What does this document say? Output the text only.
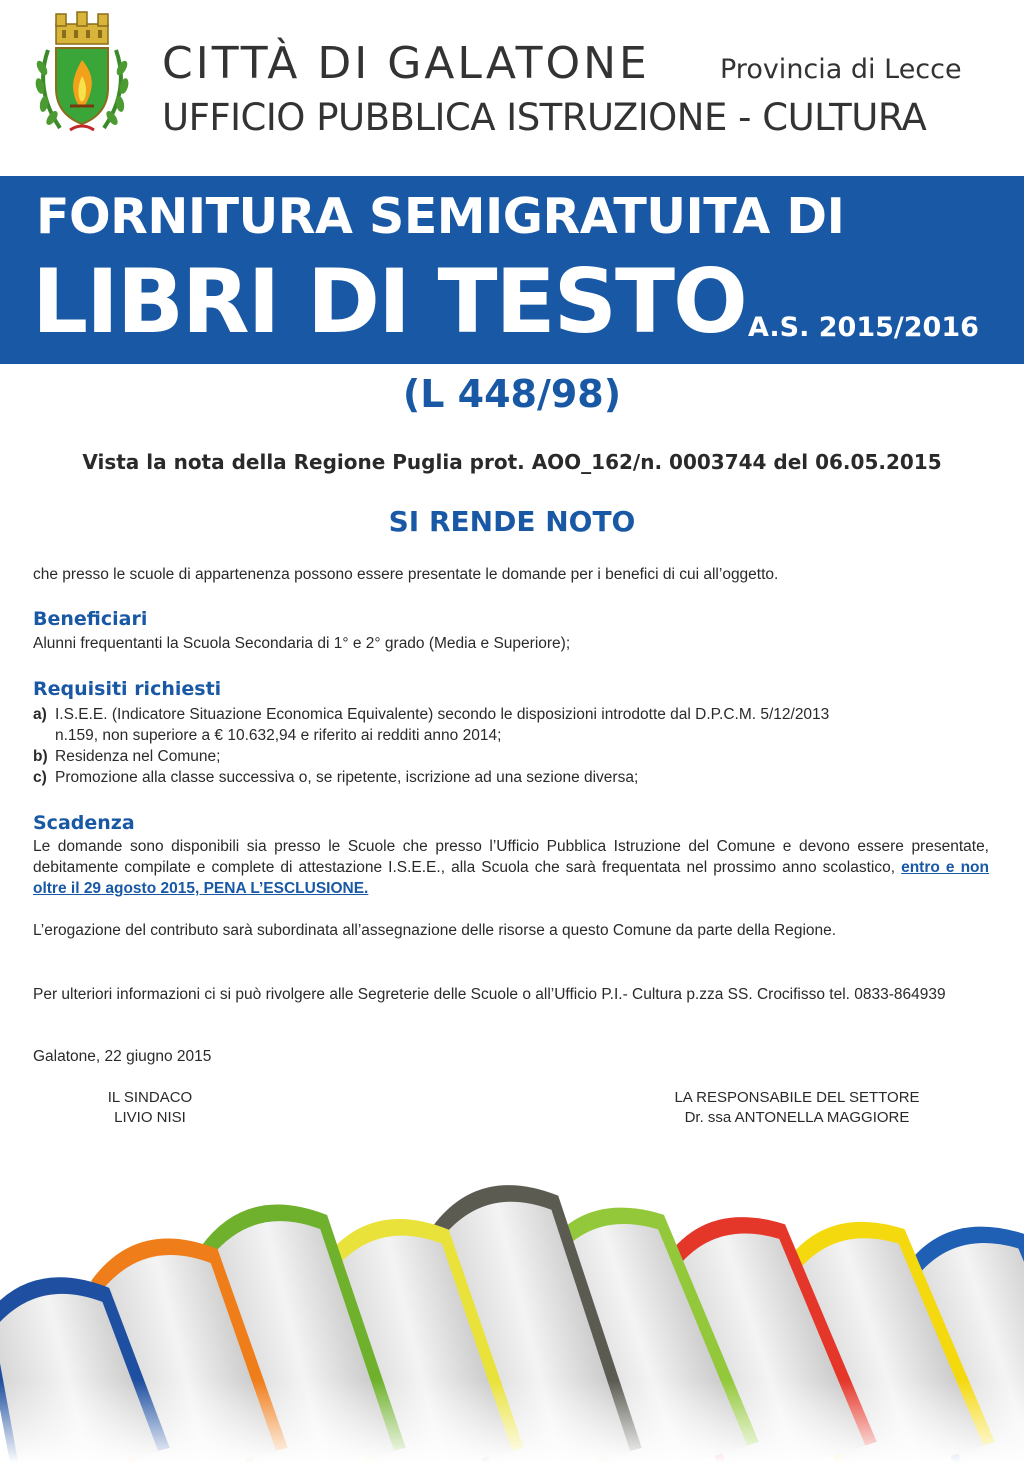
CITTÀ DI GALATONE	Provincia di Lecce
UFFICIO PUBBLICA ISTRUZIONE - CULTURA
FORNITURA SEMIGRATUITA DI
LIBRI DI TESTO A.S. 2015/2016
(L 448/98)
Vista la nota della Regione Puglia prot. AOO_162/n. 0003744 del 06.05.2015
SI RENDE NOTO
che presso le scuole di appartenenza possono essere presentate le domande per i benefici di cui all’oggetto.
Beneficiari
Alunni frequentanti la Scuola Secondaria di 1° e 2° grado (Media e Superiore);
Requisiti richiesti
a) I.S.E.E. (Indicatore Situazione Economica Equivalente) secondo le disposizioni introdotte dal D.P.C.M. 5/12/2013
n.159, non superiore a € 10.632,94 e riferito ai redditi anno 2014;
b) Residenza nel Comune;
c) Promozione alla classe successiva o, se ripetente, iscrizione ad una sezione diversa;
Scadenza
Le domande sono disponibili sia presso le Scuole che presso l’Ufficio Pubblica Istruzione del Comune e devono essere presentate, debitamente compilate e complete di attestazione I.S.E.E., alla Scuola che sarà frequentata nel prossimo anno scolastico, entro e non oltre il 29 agosto 2015, PENA L’ESCLUSIONE.
L’erogazione del contributo sarà subordinata all’assegnazione delle risorse a questo Comune da parte della Regione.
Per ulteriori informazioni ci si può rivolgere alle Segreterie delle Scuole o all’Ufficio P.I.- Cultura p.zza SS. Crocifisso tel. 0833-864939
Galatone, 22 giugno 2015
IL SINDACO
LIVIO NISI
LA RESPONSABILE DEL SETTORE
Dr. ssa ANTONELLA MAGGIORE
